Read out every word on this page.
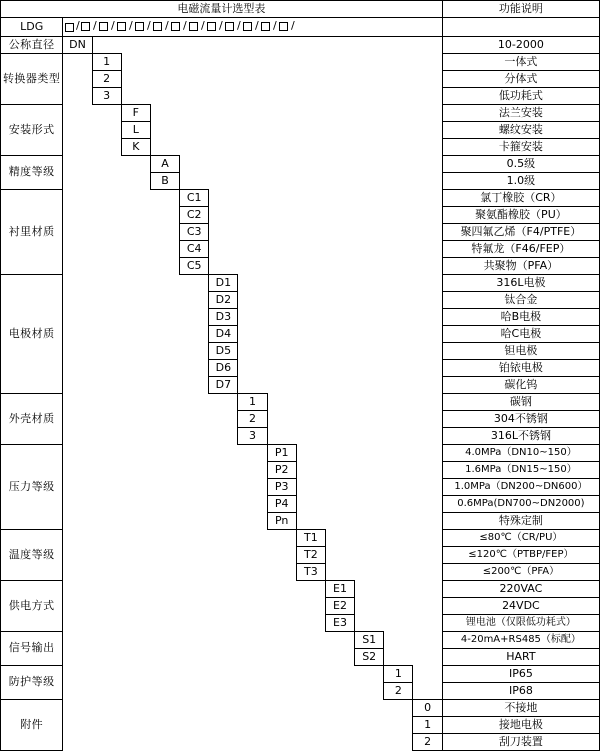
电磁流量计选型表														功能说明
LDG	/ / / / / / / / / / / / /

公称直径	DN													10-2000
转换器类型		1												一体式
		2												分体式
		3												低功耗式
安装形式			F											法兰安装
			L											螺纹安装
			K											卡箍安装
精度等级				A										0.5级
				B										1.0级
衬里材质					C1									氯丁橡胶（CR）
					C2									聚氨酯橡胶（PU）
					C3									聚四氟乙烯（F4/PTFE）
					C4									特氟龙（F46/FEP）
					C5									共聚物（PFA）
电极材质						D1								316L电极
						D2								钛合金
						D3								哈B电极
						D4								哈C电极
						D5								钽电极
						D6								铂铱电极
						D7								碳化钨
外壳材质							1							碳钢
							2							304不锈钢
							3							316L不锈钢
压力等级								P1						4.0MPa（DN10~150）
								P2						1.6MPa（DN15~150）
								P3						1.0MPa（DN200~DN600）
								P4						0.6MPa(DN700~DN2000)
								Pn						特殊定制
温度等级									T1					≤80℃（CR/PU）
									T2					≤120℃（PTBP/FEP）
									T3					≤200℃（PFA）
供电方式										E1				220VAC
										E2				24VDC
										E3				锂电池（仅限低功耗式）
信号输出											S1			4-20mA+RS485（标配）
											S2			HART
防护等级												1		IP65
												2		IP68
附件													0	不接地
													1	接地电极
													2	刮刀装置
